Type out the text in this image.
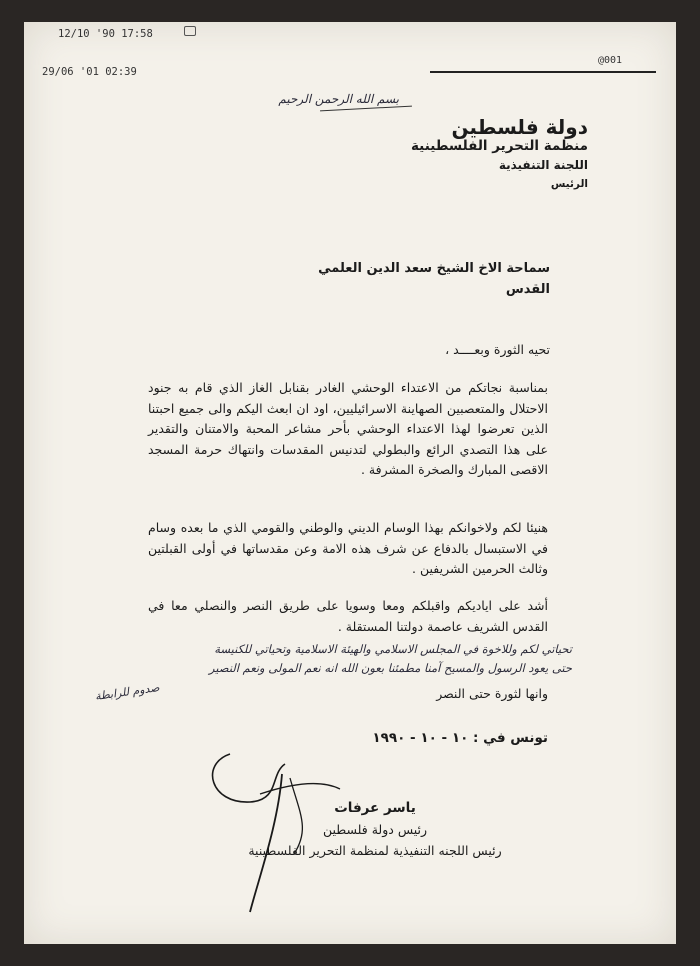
12/10 '90 17:58
29/06 '01 02:39
@001
بسم الله الرحمن الرحيم
دولة فلسطين
منظمة التحرير الفلسطينية
اللجنة التنفيذية
الرئيس
سماحة الاخ الشيخ سعد الدين العلمي
القدس
تحيه الثورة وبعــــد ،
بمناسبة نجاتكم من الاعتداء الوحشي الغادر بقنابل الغاز الذي قام به جنود الاحتلال والمتعصبين الصهاينة الاسرائيليين، اود ان ابعث اليكم والى جميع احبتنا الذين تعرضوا لهذا الاعتداء الوحشي بأحر مشاعر المحبة والامتنان والتقدير على هذا التصدي الرائع والبطولي لتدنيس المقدسات وانتهاك حرمة المسجد الاقصى المبارك والصخرة المشرفة .
هنيئا لكم ولاخوانكم بهذا الوسام الديني والوطني والقومي الذي ما بعده وسام في الاستبسال بالدفاع عن شرف هذه الامة وعن مقدساتها في أولى القبلتين وثالث الحرمين الشريفين .
أشد على اياديكم واقبلكم ومعا وسويا على طريق النصر والنصلي معا في القدس الشريف عاصمة دولتنا المستقلة .
تحياتي لكم وللاخوة في المجلس الاسلامي والهيئة الاسلامية وتحياتي للكنيسة
حتى يعود الرسول والمسيح آمنا مطمئنا بعون الله انه نعم المولى ونعم النصير
صدوم للرابطة	وانها لثورة حتى النصر
تونس في : ١٠ - ١٠ - ١٩٩٠
ياسر عرفات
رئيس دولة فلسطين
رئيس اللجنه التنفيذية لمنظمة التحرير الفلسطينية
